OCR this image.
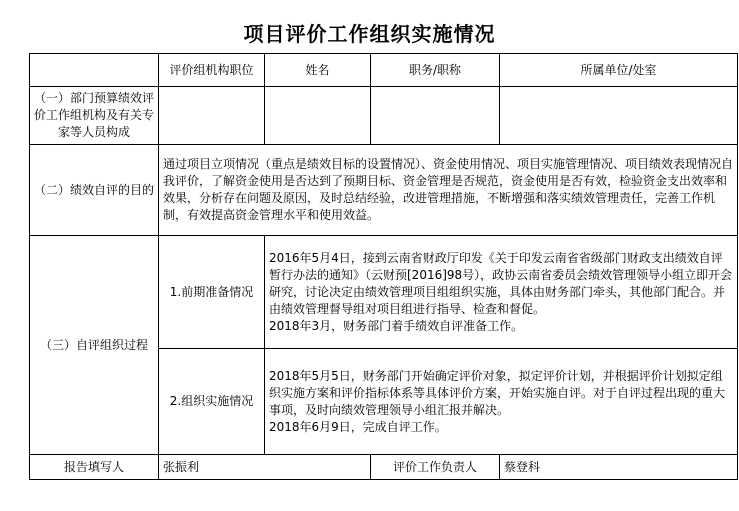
项目评价工作组织实施情况
	评价组机构职位	姓名	职务/职称	所属单位/处室
（一）部门预算绩效评价工作组机构及有关专家等人员构成				
（二）绩效自评的目的	通过项目立项情况（重点是绩效目标的设置情况）、资金使用情况、项目实施管理情况、项目绩效表现情况自我评价，了解资金使用是否达到了预期目标、资金管理是否规范，资金使用是否有效，检验资金支出效率和效果，分析存在问题及原因，及时总结经验，改进管理措施，不断增强和落实绩效管理责任，完善工作机制，有效提高资金管理水平和使用效益。			
（三）自评组织过程	1.前期准备情况	2016年5月4日，接到云南省财政厅印发《关于印发云南省省级部门财政支出绩效自评暂行办法的通知》（云财预[2016]98号），政协云南省委员会绩效管理领导小组立即开会研究，讨论决定由绩效管理项目组组织实施，具体由财务部门牵头，其他部门配合。并由绩效管理督导组对项目组进行指导、检查和督促。
2018年3月，财务部门着手绩效自评准备工作。		

	2.组织实施情况	2018年5月5日，财务部门开始确定评价对象，拟定评价计划，并根据评价计划拟定组织实施方案和评价指标体系等具体评价方案，开始实施自评。对于自评过程出现的重大事项，及时向绩效管理领导小组汇报并解决。
2018年6月9日，完成自评工作。		

报告填写人	张振利		评价工作负责人	蔡登科
